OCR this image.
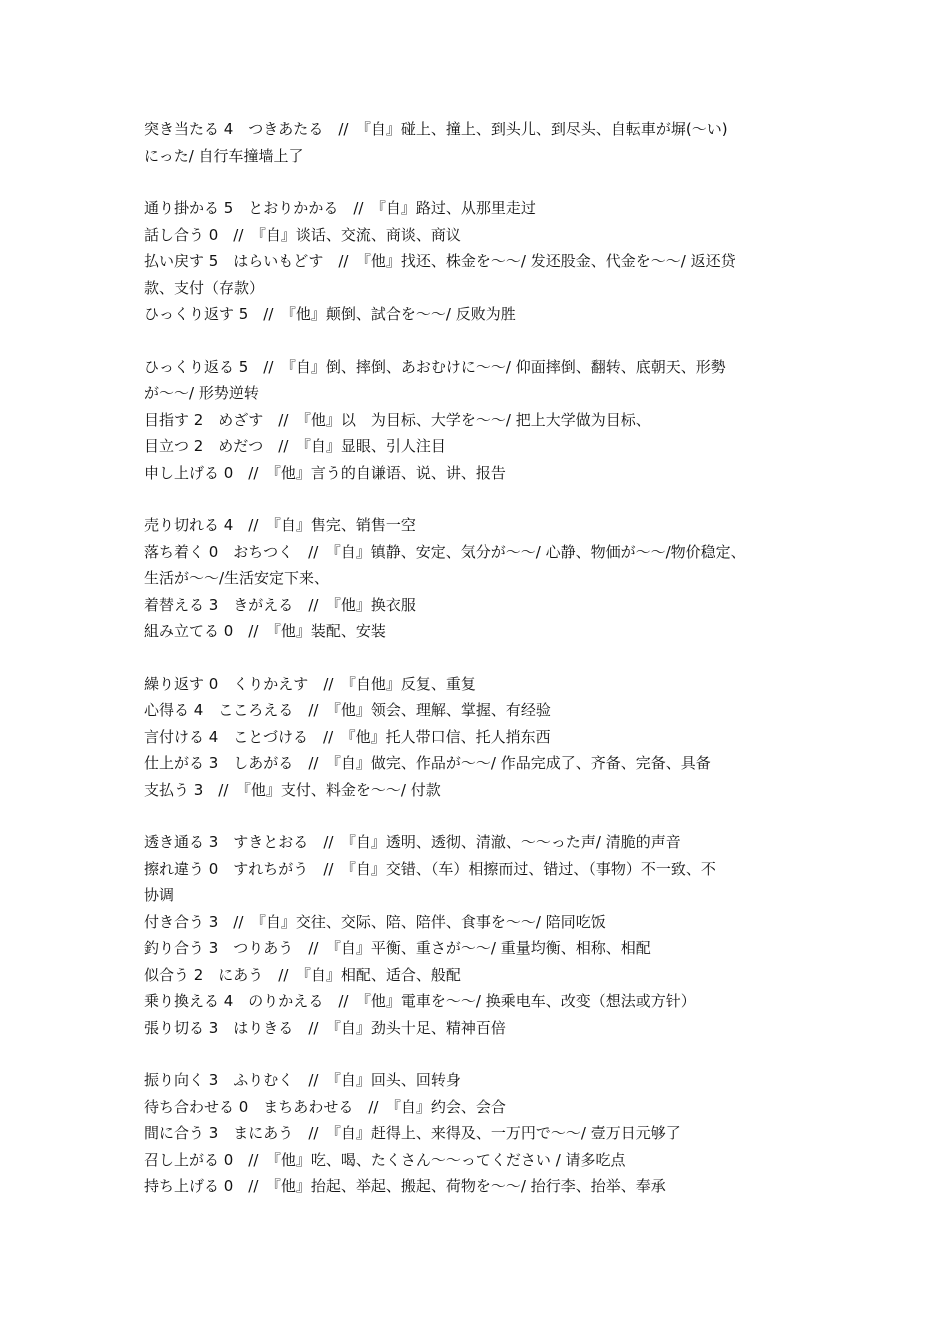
突き当たる 4　つきあたる　//　『自』碰上、撞上、到头儿、到尽头、自転車が塀(～い)
にった/ 自行车撞墙上了
通り掛かる 5　とおりかかる　//　『自』路过、从那里走过
話し合う 0　//　『自』谈话、交流、商谈、商议
払い戻す 5　はらいもどす　//　『他』找还、株金を～～/ 发还股金、代金を～～/ 返还贷
款、支付（存款）
ひっくり返す 5　//　『他』颠倒、試合を～～/ 反败为胜
ひっくり返る 5　//　『自』倒、摔倒、あおむけに～～/ 仰面摔倒、翻转、底朝天、形勢
が～～/ 形势逆转
目指す 2　めざす　//　『他』以　为目标、大学を～～/ 把上大学做为目标、
目立つ 2　めだつ　//　『自』显眼、引人注目
申し上げる 0　//　『他』言う的自谦语、说、讲、报告
売り切れる 4　//　『自』售完、销售一空
落ち着く 0　おちつく　//　『自』镇静、安定、気分が～～/ 心静、物価が～～/物价稳定、
生活が～～/生活安定下来、
着替える 3　きがえる　//　『他』换衣服
組み立てる 0　//　『他』装配、安装
繰り返す 0　くりかえす　//　『自他』反复、重复
心得る 4　こころえる　//　『他』领会、理解、掌握、有经验
言付ける 4　ことづける　//　『他』托人带口信、托人捎东西
仕上がる 3　しあがる　//　『自』做完、作品が～～/ 作品完成了、齐备、完备、具备
支払う 3　//　『他』支付、料金を～～/ 付款
透き通る 3　すきとおる　//　『自』透明、透彻、清澈、～～った声/ 清脆的声音
擦れ違う 0　すれちがう　//　『自』交错、（车）相擦而过、错过、（事物）不一致、不
协调
付き合う 3　//　『自』交往、交际、陪、陪伴、食事を～～/ 陪同吃饭
釣り合う 3　つりあう　//　『自』平衡、重さが～～/ 重量均衡、相称、相配
似合う 2　にあう　//　『自』相配、适合、般配
乗り換える 4　のりかえる　//　『他』電車を～～/ 换乘电车、改变（想法或方针）
張り切る 3　はりきる　//　『自』劲头十足、精神百倍
振り向く 3　ふりむく　//　『自』回头、回转身
待ち合わせる 0　まちあわせる　//　『自』约会、会合
間に合う 3　まにあう　//　『自』赶得上、来得及、一万円で～～/ 壹万日元够了
召し上がる 0　//　『他』吃、喝、たくさん～～ってください / 请多吃点
持ち上げる 0　//　『他』抬起、举起、搬起、荷物を～～/ 抬行李、抬举、奉承
